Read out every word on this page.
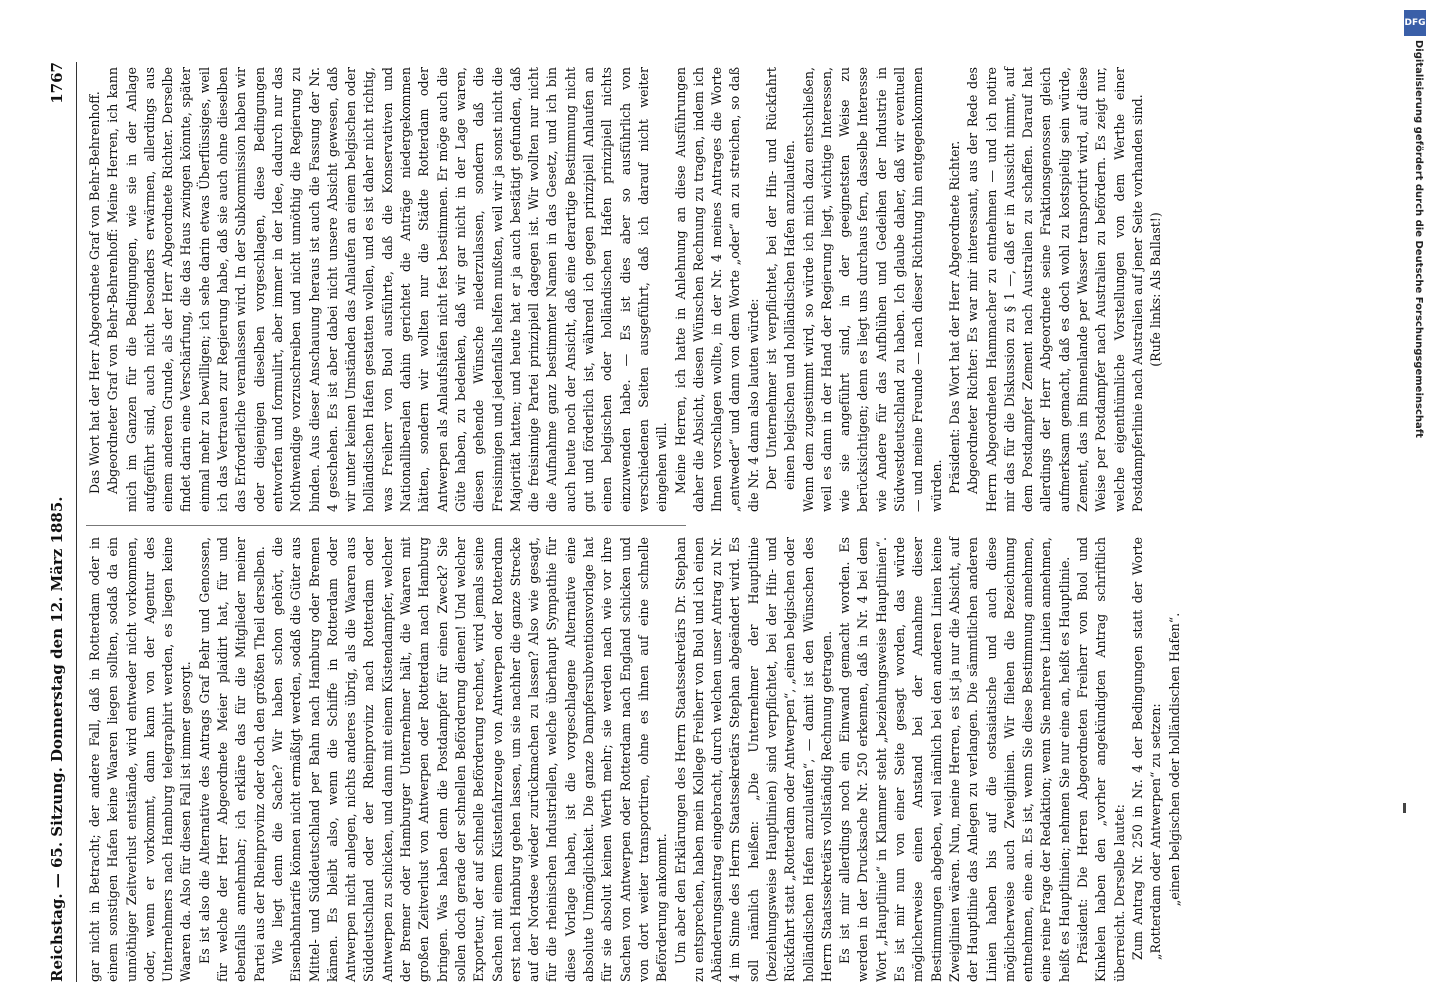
Reichstag. — 65. Sitzung. Donnerstag den 12. März 1885.
1767

gar nicht in Betracht; der andere Fall, daß in Rotterdam oder in einem sonstigen Hafen keine Waaren liegen sollten, sodaß da ein unnöthiger Zeitverlust entstände, wird entweder nicht vorkommen, oder, wenn er vorkommt, dann kann von der Agentur des Unternehmers nach Hamburg telegraphirt werden, es liegen keine Waaren da. Also für diesen Fall ist immer gesorgt. Es ist also die Alternative des Antrags Graf Behr und Genossen, für welche der Herr Abgeordnete Meier plaidirt hat, für und ebenfalls annehmbar; ich erkläre das für die Mitglieder meiner Partei aus der Rheinprovinz oder doch den größten Theil derselben. Wie liegt denn die Sache? Wir haben schon gehört, die Eisenbahntarife können nicht ermäßigt werden, sodaß die Güter aus Mittel- und Süddeutschland per Bahn nach Hamburg oder Bremen kämen. Es bleibt also, wenn die Schiffe in Rotterdam oder Antwerpen nicht anlegen, nichts anderes übrig, als die Waaren aus Süddeutschland oder der Rheinprovinz nach Rotterdam oder Antwerpen zu schicken, und dann mit einem Küstendampfer, welcher der Bremer oder Hamburger Unternehmer hält, die Waaren mit großen Zeitverlust von Antwerpen oder Rotterdam nach Hamburg bringen. Was haben denn die Postdampfer für einen Zweck? Sie sollen doch gerade der schnellen Beförderung dienen! Und welcher Exporteur, der auf schnelle Beförderung rechnet, wird jemals seine Sachen mit einem Küstenfahrzeuge von Antwerpen oder Rotterdam erst nach Hamburg gehen lassen, um sie nachher die ganze Strecke auf der Nordsee wieder zurückmachen zu lassen? Also wie gesagt, für die rheinischen Industriellen, welche überhaupt Sympathie für diese Vorlage haben, ist die vorgeschlagene Alternative eine absolute Unmöglichkeit. Die ganze Dampfersubventionsvorlage hat für sie absolut keinen Werth mehr; sie werden nach wie vor ihre Sachen von Antwerpen oder Rotterdam nach England schicken und von dort weiter transportiren, ohne es ihnen auf eine schnelle Beförderung ankommt. Um aber den Erklärungen des Herrn Staatssekretärs Dr. Stephan zu entsprechen, haben mein Kollege Freiherr von Buol und ich einen Abänderungsantrag eingebracht, durch welchen unser Antrag zu Nr. 4 im Sinne des Herrn Staatssekretärs Stephan abgeändert wird. Es soll nämlich heißen: „Die Unternehmer der Hauptlinie (beziehungsweise Hauptlinien) sind verpflichtet, bei der Hin- und Rückfahrt statt „Rotterdam oder Antwerpen“, „einen belgischen oder holländischen Hafen anzulaufen“, — damit ist den Wünschen des Herrn Staatssekretärs vollständig Rechnung getragen. Es ist mir allerdings noch ein Einwand gemacht worden. Es werden in der Drucksache Nr. 250 erkennen, daß in Nr. 4 bei dem Wort „Hauptlinie“ in Klammer steht „beziehungsweise Hauptlinien“. Es ist mir nun von einer Seite gesagt worden, das würde möglicherweise einen Anstand bei der Annahme dieser Bestimmungen abgeben, weil nämlich bei den anderen Linien keine Zweiglinien wären. Nun, meine Herren, es ist ja nur die Absicht, auf der Hauptlinie das Anlegen zu verlangen. Die sämmtlichen anderen Linien haben bis auf die ostasiatische und auch diese möglicherweise auch Zweiglinien. Wir fliehen die Bezeichnung entnehmen, eine an. Es ist, wenn Sie diese Bestimmung annehmen, eine reine Frage der Redaktion; wenn Sie mehrere Linien annehmen, heißt es Hauptlinien; nehmen Sie nur eine an, heißt es Hauptlinie. Präsident: Die Herren Abgeordneten Freiherr von Buol und Kinkelen haben den „vorher angekündigten Antrag schriftlich überreicht. Derselbe lautet: Zum Antrag Nr. 250 in Nr. 4 der Bedingungen statt der Worte „Rotterdam oder Antwerpen“ zu setzen: „einen belgischen oder holländischen Hafen“.

Das Wort hat der Herr Abgeordnete Graf von Behr-Behrenhoff. Abgeordneter Graf von Behr-Behrenhoff: Meine Herren, ich kann mich im Ganzen für die Bedingungen, wie sie in der Anlage aufgeführt sind, auch nicht besonders erwärmen, allerdings aus einem anderen Grunde, als der Herr Abgeordnete Richter. Derselbe findet darin eine Verschärfung, die das Haus zwingen könnte, später einmal mehr zu bewilligen; ich sehe darin etwas Überflüssiges, weil ich das Vertrauen zur Regierung habe, daß sie auch ohne dieselben das Erforderliche veranlassen wird. In der Subkommission haben wir oder diejenigen dieselben vorgeschlagen, diese Bedingungen entworfen und formulirt, aber immer in der Idee, dadurch nur das Nothwendige vorzuschreiben und nicht unnöthig die Regierung zu binden. Aus dieser Anschauung heraus ist auch die Fassung der Nr. 4 geschehen. Es ist aber dabei nicht unsere Absicht gewesen, daß wir unter keinen Umständen das Anlaufen an einem belgischen oder holländischen Hafen gestatten wollen, und es ist daher nicht richtig, was Freiherr von Buol ausführte, daß die Konservativen und Nationalliberalen dahin gerichtet die Anträge niedergekommen hätten, sondern wir wollten nur die Städte Rotterdam oder Antwerpen als Anlaufshäfen nicht fest bestimmen. Er möge auch die Güte haben, zu bedenken, daß wir gar nicht in der Lage waren, diesen gehende Wünsche niederzulassen, sondern daß die Freisinnigen und jedenfalls helfen mußten, weil wir ja sonst nicht die Majorität hatten; und heute hat er ja auch bestätigt gefunden, daß die freisinnige Partei prinzipiell dagegen ist. Wir wollten nur nicht die Aufnahme ganz bestimmter Namen in das Gesetz, und ich bin auch heute noch der Ansicht, daß eine derartige Bestimmung nicht gut und förderlich ist, während ich gegen prinzipiell Anlaufen an einen belgischen oder holländischen Hafen prinzipiell nichts einzuwenden habe. — Es ist dies aber so ausführlich von verschiedenen Seiten ausgeführt, daß ich darauf nicht weiter eingehen will. Meine Herren, ich hatte in Anlehnung an diese Ausführungen daher die Absicht, diesen Wünschen Rechnung zu tragen, indem ich Ihnen vorschlagen wollte, in der Nr. 4 meines Antrages die Worte „entweder“ und dann von dem Worte „oder“ an zu streichen, so daß die Nr. 4 dann also lauten würde: Der Unternehmer ist verpflichtet, bei der Hin- und Rückfahrt einen belgischen und holländischen Hafen anzulaufen. Wenn dem zugestimmt wird, so würde ich mich dazu entschließen, weil es dann in der Hand der Regierung liegt, wichtige Interessen, wie sie angeführt sind, in der geeignetsten Weise zu berücksichtigen; denn es liegt uns durchaus fern, dasselbe Interesse wie Andere für das Aufblühen und Gedeihen der Industrie in Südwestdeutschland zu haben. Ich glaube daher, daß wir eventuell — und meine Freunde — nach dieser Richtung hin entgegenkommen würden. Präsident: Das Wort hat der Herr Abgeordnete Richter. Abgeordneter Richter: Es war mir interessant, aus der Rede des Herrn Abgeordneten Hammacher zu entnehmen — und ich notire mir das für die Diskussion zu § 1 —, daß er in Aussicht nimmt, auf dem Postdampfer Zement nach Australien zu schaffen. Darauf hat allerdings der Herr Abgeordnete seine Fraktionsgenossen gleich aufmerksam gemacht, daß es doch wohl zu kostspielig sein würde, Zement, das im Binnenlande per Wasser transportirt wird, auf diese Weise per Postdampfer nach Australien zu befördern. Es zeigt nur, welche eigenthümliche Vorstellungen von dem Werthe einer Postdampferlinie nach Australien auf jener Seite vorhanden sind. (Rufe links: Als Ballast!)

DFG
Digitalisierung gefördert durch die Deutsche Forschungsgemeinschaft
